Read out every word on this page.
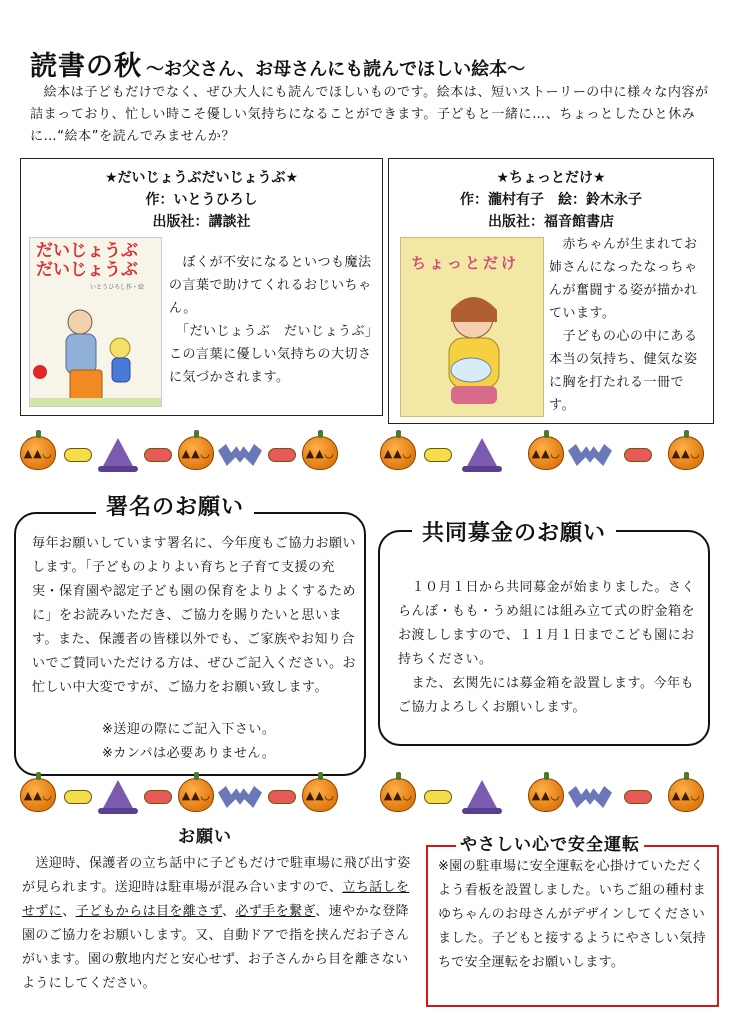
読書の秋 ～お父さん、お母さんにも読んでほしい絵本～

　絵本は子どもだけでなく、ぜひ大人にも読んでほしいものです。絵本は、短いストーリーの中に様々な内容が詰まっており、忙しい時こそ優しい気持ちになることができます。子どもと一緒に…、ちょっとしたひと休みに…“絵本”を読んでみませんか？

★だいじょうぶだいじょうぶ★
作：いとうひろし
出版社：講談社
だいじょうぶ だいじょうぶ
いとうひろし作・絵

　ぼくが不安になるといつも魔法の言葉で助けてくれるおじいちゃん。

　「だいじょうぶ　だいじょうぶ」この言葉に優しい気持ちの大切さに気づかされます。

★ちょっとだけ★
作：瀧村有子　絵：鈴木永子
出版社：福音館書店
ちょっとだけ

　赤ちゃんが生まれてお姉さんになったなっちゃんが奮闘する姿が描かれています。

　子どもの心の中にある本当の気持ち、健気な姿に胸を打たれる一冊です。

▲▲◡	▲▲◡	▲▲◡	▲▲◡	▲▲◡	▲▲◡
署名のお願い

毎年お願いしています署名に、今年度もご協力お願いします。「子どものよりよい育ちと子育て支援の充実・保育園や認定子ども園の保育をよりよくするために」をお読みいただき、ご協力を賜りたいと思います。また、保護者の皆様以外でも、ご家族やお知り合いでご賛同いただける方は、ぜひご記入ください。お忙しい中大変ですが、ご協力をお願い致します。

※送迎の際にご記入下さい。

※カンパは必要ありません。

共同募金のお願い

　１０月１日から共同募金が始まりました。さくらんぼ・もも・うめ組には組み立て式の貯金箱をお渡ししますので、１１月１日までこども園にお持ちください。

　また、玄関先には募金箱を設置します。今年もご協力よろしくお願いします。

▲▲◡	▲▲◡	▲▲◡	▲▲◡	▲▲◡	▲▲◡
お願い

　送迎時、保護者の立ち話中に子どもだけで駐車場に飛び出す姿が見られます。送迎時は駐車場が混み合いますので、立ち話しをせずに、子どもからは目を離さず、必ず手を繋ぎ、速やかな登降園のご協力をお願いします。又、自動ドアで指を挟んだお子さんがいます。園の敷地内だと安心せず、お子さんから目を離さないようにしてください。

やさしい心で安全運転

※園の駐車場に安全運転を心掛けていただくよう看板を設置しました。いちご組の種村まゆちゃんのお母さんがデザインしてくださいました。子どもと接するようにやさしい気持ちで安全運転をお願いします。
